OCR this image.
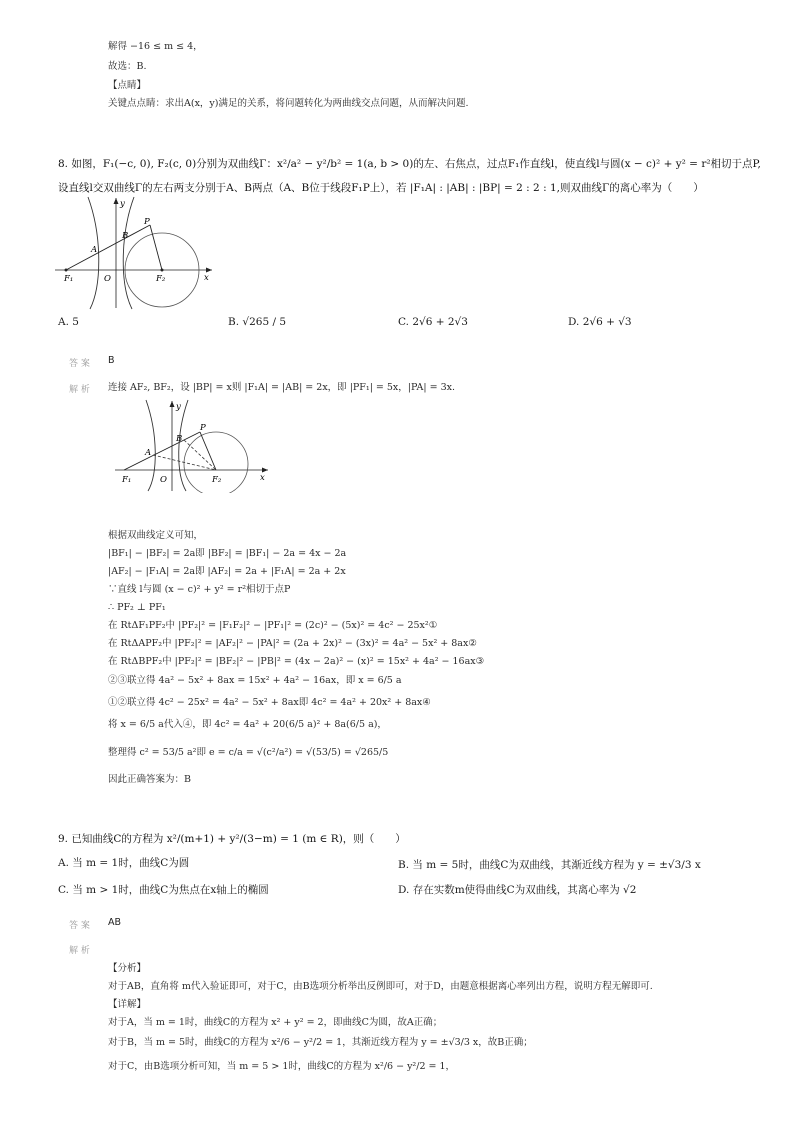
解得 −16 ≤ m ≤ 4，
故选：B.
【点睛】
关键点点睛：求出A(x，y)满足的关系，将问题转化为两曲线交点问题，从而解决问题.
8. 如图，F₁(−c, 0), F₂(c, 0)分别为双曲线Γ：x²/a² − y²/b² = 1(a, b > 0)的左、右焦点，过点F₁作直线l，使直线l与圆(x − c)² + y² = r²相切于点P,
设直线l交双曲线Γ的左右两支分别于A、B两点（A、B位于线段F₁P上），若 |F₁A| : |AB| : |BP| = 2 : 2 : 1,则双曲线Γ的离心率为（　　）
F₁	F₂
O
A
B
P
x
y
A. 5	B. √265 / 5	C. 2√6 + 2√3	D. 2√6 + √3
答 案 B
解 析 连接 AF₂, BF₂，设 |BP| = x则 |F₁A| = |AB| = 2x，即 |PF₁| = 5x，|PA| = 3x.
F₁	F₂
O
A
B
P
x
y
根据双曲线定义可知，
|BF₁| − |BF₂| = 2a即 |BF₂| = |BF₁| − 2a = 4x − 2a
|AF₂| − |F₁A| = 2a即 |AF₂| = 2a + |F₁A| = 2a + 2x
∵直线 l与圆 (x − c)² + y² = r²相切于点P
∴ PF₂ ⊥ PF₁
在 RtΔF₁PF₂中 |PF₂|² = |F₁F₂|² − |PF₁|² = (2c)² − (5x)² = 4c² − 25x²①
在 RtΔAPF₂中 |PF₂|² = |AF₂|² − |PA|² = (2a + 2x)² − (3x)² = 4a² − 5x² + 8ax②
在 RtΔBPF₂中 |PF₂|² = |BF₂|² − |PB|² = (4x − 2a)² − (x)² = 15x² + 4a² − 16ax③
②③联立得 4a² − 5x² + 8ax = 15x² + 4a² − 16ax，即 x = 6/5 a
①②联立得 4c² − 25x² = 4a² − 5x² + 8ax即 4c² = 4a² + 20x² + 8ax④
将 x = 6/5 a代入④，即 4c² = 4a² + 20(6/5 a)² + 8a(6/5 a)，
整理得 c² = 53/5 a²即 e = c/a = √(c²/a²) = √(53/5) = √265/5
因此正确答案为：B
9. 已知曲线C的方程为 x²/(m+1) + y²/(3−m) = 1 (m ∈ R)，则（　　）
A. 当 m = 1时，曲线C为圆	B. 当 m = 5时，曲线C为双曲线，其渐近线方程为 y = ±√3/3 x
C. 当 m > 1时，曲线C为焦点在x轴上的椭圆	D. 存在实数m使得曲线C为双曲线，其离心率为 √2
答 案 AB
解 析
【分析】
对于AB，直角将 m代入验证即可，对于C，由B选项分析举出反例即可，对于D，由题意根据离心率列出方程，说明方程无解即可.
【详解】
对于A，当 m = 1时，曲线C的方程为 x² + y² = 2，即曲线C为圆，故A正确；
对于B，当 m = 5时，曲线C的方程为 x²/6 − y²/2 = 1，其渐近线方程为 y = ±√3/3 x，故B正确；
对于C，由B选项分析可知，当 m = 5 > 1时，曲线C的方程为 x²/6 − y²/2 = 1，
